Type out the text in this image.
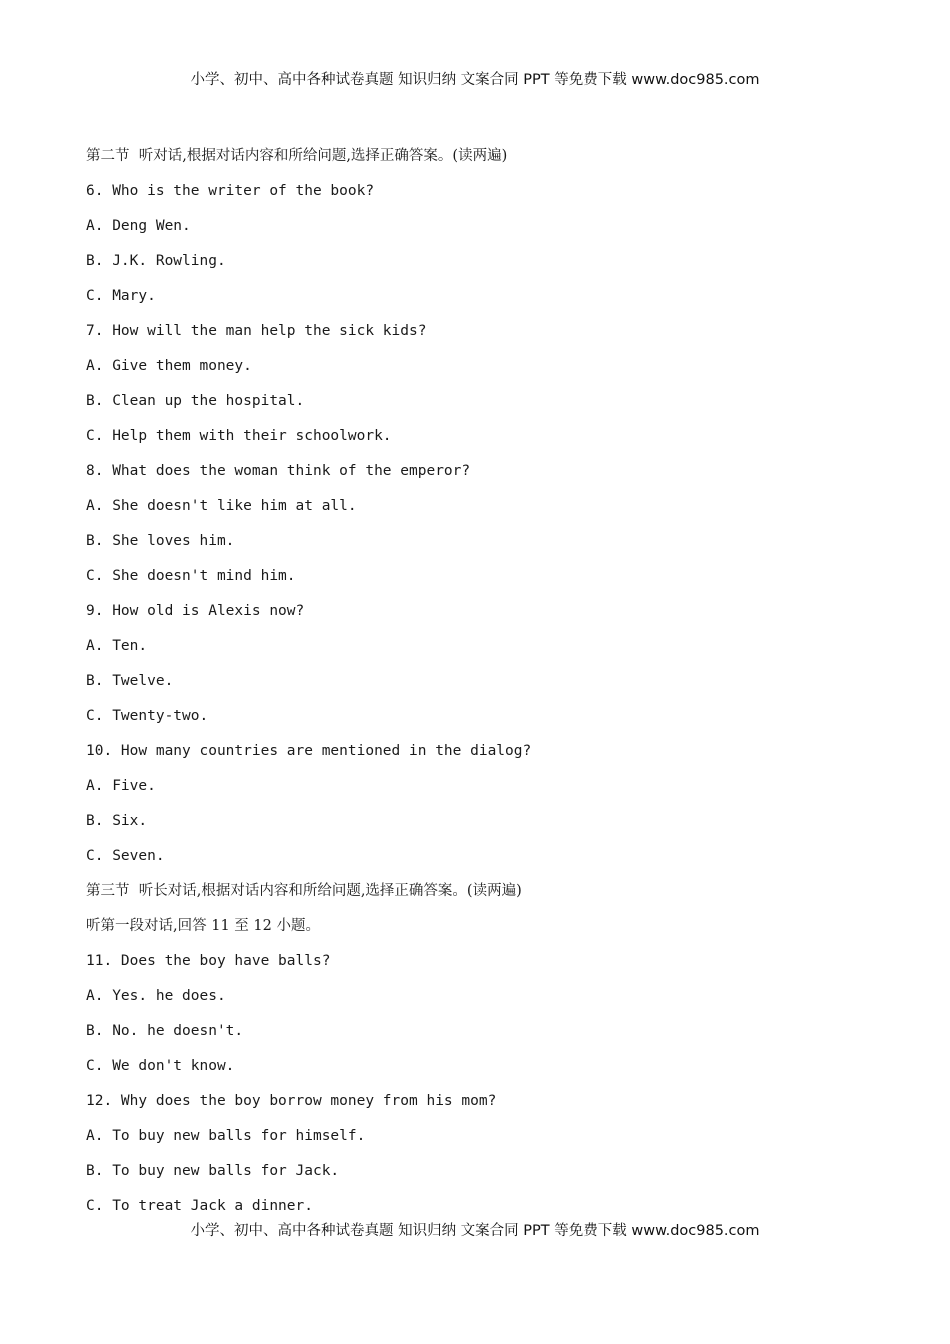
小学、初中、高中各种试卷真题 知识归纳 文案合同 PPT 等免费下载 www.doc985.com
第二节  听对话,根据对话内容和所给问题,选择正确答案。(读两遍)
6. Who is the writer of the book?
A. Deng Wen.
B. J.K. Rowling.
C. Mary.
7. How will the man help the sick kids?
A. Give them money.
B. Clean up the hospital.
C. Help them with their schoolwork.
8. What does the woman think of the emperor?
A. She doesn't like him at all.
B. She loves him.
C. She doesn't mind him.
9. How old is Alexis now?
A. Ten.
B. Twelve.
C. Twenty-two.
10. How many countries are mentioned in the dialog?
A. Five.
B. Six.
C. Seven.
第三节  听长对话,根据对话内容和所给问题,选择正确答案。(读两遍)
听第一段对话,回答 11 至 12 小题。
11. Does the boy have balls?
A. Yes. he does.
B. No. he doesn't.
C. We don't know.
12. Why does the boy borrow money from his mom?
A. To buy new balls for himself.
B. To buy new balls for Jack.
C. To treat Jack a dinner.
小学、初中、高中各种试卷真题 知识归纳 文案合同 PPT 等免费下载 www.doc985.com
